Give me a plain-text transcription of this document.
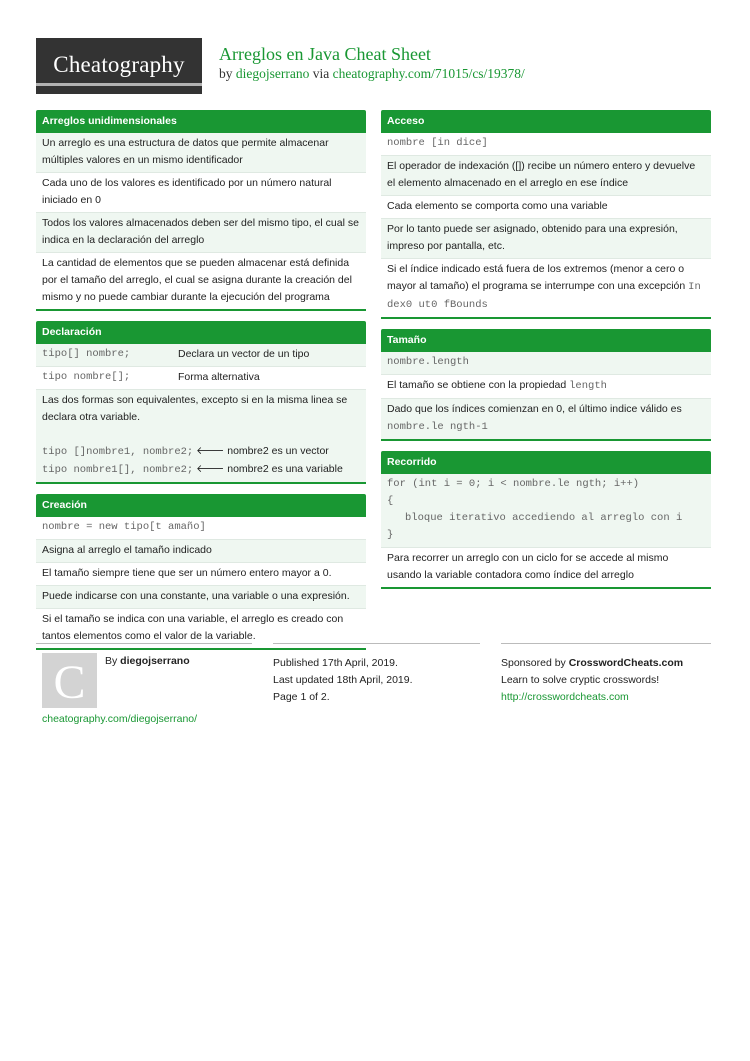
Cheatography	Arreglos en Java Cheat Sheet
by diegojserrano via cheatography.com/71015/cs/19378/
Arreglos unidimensionales
Un arreglo es una estructura de datos que permite almacenar múltiples valores en un mismo identificador
Cada uno de los valores es identificado por un número natural iniciado en 0
Todos los valores almacenados deben ser del mismo tipo, el cual se indica en la declaración del arreglo
La cantidad de elementos que se pueden almacenar está definida por el tamaño del arreglo, el cual se asigna durante la creación del mismo y no puede cambiar durante la ejecución del programa
Declaración
tipo[] nombre;	Declara un vector de un tipo
tipo nombre[];	Forma alternativa
Las dos formas son equivalentes, excepto si en la misma linea se declara otra variable.
tipo []nombre1, nombre2; 🡐 nombre2 es un vector
tipo nombre1[], nombre2; 🡐 nombre2 es una variable
Creación
nombre = new tipo[t amaño]
Asigna al arreglo el tamaño indicado
El tamaño siempre tiene que ser un número entero mayor a 0.
Puede indicarse con una constante, una variable o una expresión.
Si el tamaño se indica con una variable, el arreglo es creado con tantos elementos como el valor de la variable.
Acceso
nombre [in dice]
El operador de indexación ([]) recibe un número entero y devuelve el elemento almacenado en el arreglo en ese índice
Cada elemento se comporta como una variable
Por lo tanto puede ser asignado, obtenido para una expresión, impreso por pantalla, etc.
Si el índice indicado está fuera de los extremos (menor a cero o mayor al tamaño) el programa se interrumpe con una excepción In dex0 ut0 fBounds
Tamaño
nombre.length
El tamaño se obtiene con la propiedad length
Dado que los índices comienzan en 0, el último indice válido es nombre.le ngth-1
Recorrido
for (int i = 0; i < nombre.le ngth; i++)
{
bloque iterativo accediendo al arreglo con i
}
Para recorrer un arreglo con un ciclo for se accede al mismo usando la variable contadora como índice del arreglo
C	By diegojserrano
cheatography.com/diegojserrano/
Published 17th April, 2019.
Last updated 18th April, 2019.
Page 1 of 2.
Sponsored by CrosswordCheats.com
Learn to solve cryptic crosswords!
http://crosswordcheats.com
